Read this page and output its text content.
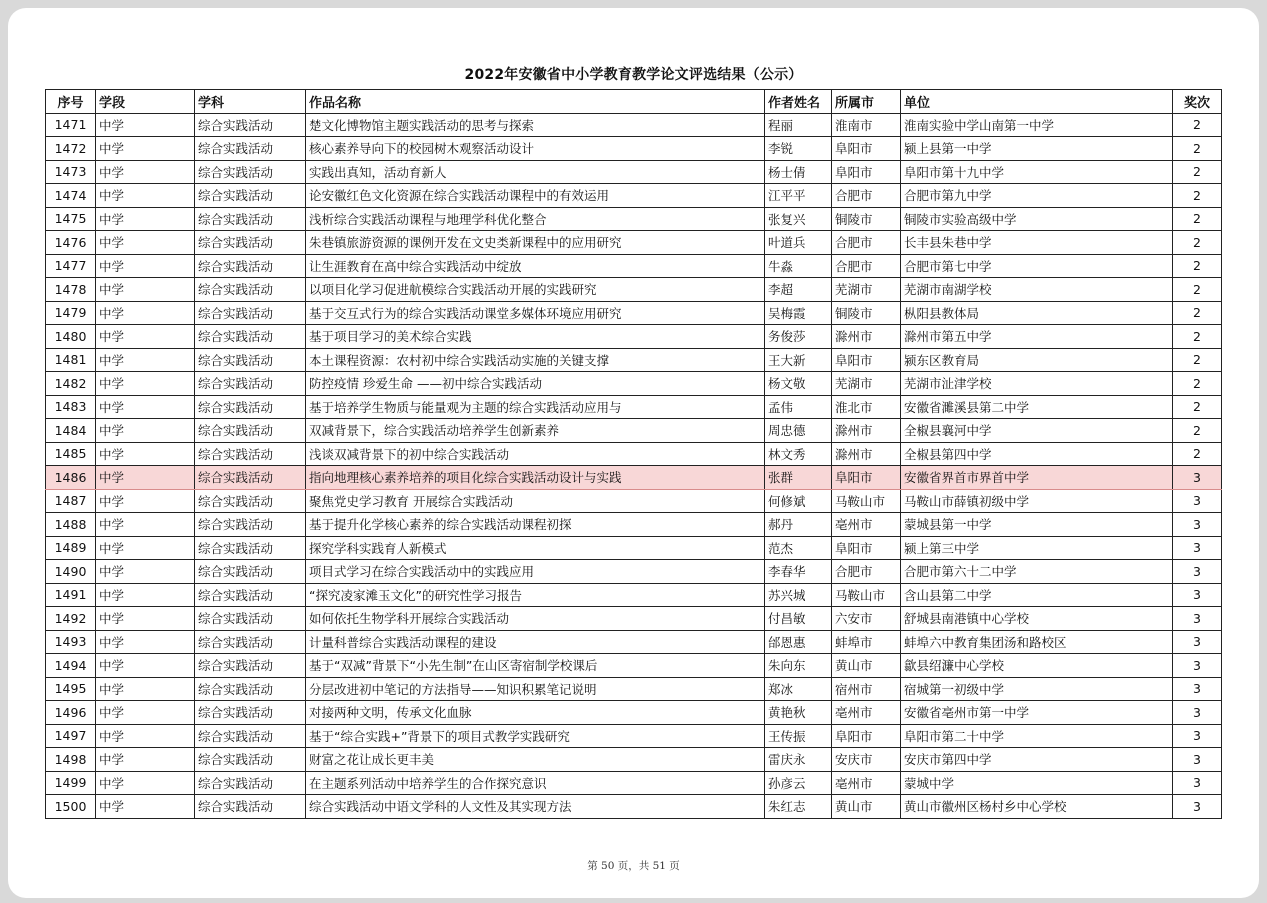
2022年安徽省中小学教育教学论文评选结果（公示）
序号	学段	学科	作品名称	作者姓名	所属市	单位	奖次
1471	中学	综合实践活动	楚文化博物馆主题实践活动的思考与探索	程丽	淮南市	淮南实验中学山南第一中学	2
1472	中学	综合实践活动	核心素养导向下的校园树木观察活动设计	李锐	阜阳市	颍上县第一中学	2
1473	中学	综合实践活动	实践出真知，活动育新人	杨士倩	阜阳市	阜阳市第十九中学	2
1474	中学	综合实践活动	论安徽红色文化资源在综合实践活动课程中的有效运用	江平平	合肥市	合肥市第九中学	2
1475	中学	综合实践活动	浅析综合实践活动课程与地理学科优化整合	张复兴	铜陵市	铜陵市实验高级中学	2
1476	中学	综合实践活动	朱巷镇旅游资源的课例开发在文史类新课程中的应用研究	叶道兵	合肥市	长丰县朱巷中学	2
1477	中学	综合实践活动	让生涯教育在高中综合实践活动中绽放	牛淼	合肥市	合肥市第七中学	2
1478	中学	综合实践活动	以项目化学习促进航模综合实践活动开展的实践研究	李超	芜湖市	芜湖市南湖学校	2
1479	中学	综合实践活动	基于交互式行为的综合实践活动课堂多媒体环境应用研究	吴梅霞	铜陵市	枞阳县教体局	2
1480	中学	综合实践活动	基于项目学习的美术综合实践	务俊莎	滁州市	滁州市第五中学	2
1481	中学	综合实践活动	本土课程资源：农村初中综合实践活动实施的关键支撑	王大新	阜阳市	颍东区教育局	2
1482	中学	综合实践活动	防控疫情 珍爱生命 ——初中综合实践活动	杨文敬	芜湖市	芜湖市沚津学校	2
1483	中学	综合实践活动	基于培养学生物质与能量观为主题的综合实践活动应用与	孟伟	淮北市	安徽省濉溪县第二中学	2
1484	中学	综合实践活动	双减背景下，综合实践活动培养学生创新素养	周忠德	滁州市	全椒县襄河中学	2
1485	中学	综合实践活动	浅谈双减背景下的初中综合实践活动	林文秀	滁州市	全椒县第四中学	2
1486	中学	综合实践活动	指向地理核心素养培养的项目化综合实践活动设计与实践	张群	阜阳市	安徽省界首市界首中学	3
1487	中学	综合实践活动	聚焦党史学习教育 开展综合实践活动	何修斌	马鞍山市	马鞍山市薛镇初级中学	3
1488	中学	综合实践活动	基于提升化学核心素养的综合实践活动课程初探	郝丹	亳州市	蒙城县第一中学	3
1489	中学	综合实践活动	探究学科实践育人新模式	范杰	阜阳市	颍上第三中学	3
1490	中学	综合实践活动	项目式学习在综合实践活动中的实践应用	李春华	合肥市	合肥市第六十二中学	3
1491	中学	综合实践活动	“探究凌家滩玉文化”的研究性学习报告	苏兴城	马鞍山市	含山县第二中学	3
1492	中学	综合实践活动	如何依托生物学科开展综合实践活动	付昌敏	六安市	舒城县南港镇中心学校	3
1493	中学	综合实践活动	计量科普综合实践活动课程的建设	邰恩惠	蚌埠市	蚌埠六中教育集团汤和路校区	3
1494	中学	综合实践活动	基于“双减”背景下“小先生制”在山区寄宿制学校课后	朱向东	黄山市	歙县绍濂中心学校	3
1495	中学	综合实践活动	分层改进初中笔记的方法指导——知识积累笔记说明	郑冰	宿州市	宿城第一初级中学	3
1496	中学	综合实践活动	对接两种文明，传承文化血脉	黄艳秋	亳州市	安徽省亳州市第一中学	3
1497	中学	综合实践活动	基于“综合实践+”背景下的项目式教学实践研究	王传振	阜阳市	阜阳市第二十中学	3
1498	中学	综合实践活动	财富之花让成长更丰美	雷庆永	安庆市	安庆市第四中学	3
1499	中学	综合实践活动	在主题系列活动中培养学生的合作探究意识	孙彦云	亳州市	蒙城中学	3
1500	中学	综合实践活动	综合实践活动中语文学科的人文性及其实现方法	朱红志	黄山市	黄山市徽州区杨村乡中心学校	3
第 50 页，共 51 页
